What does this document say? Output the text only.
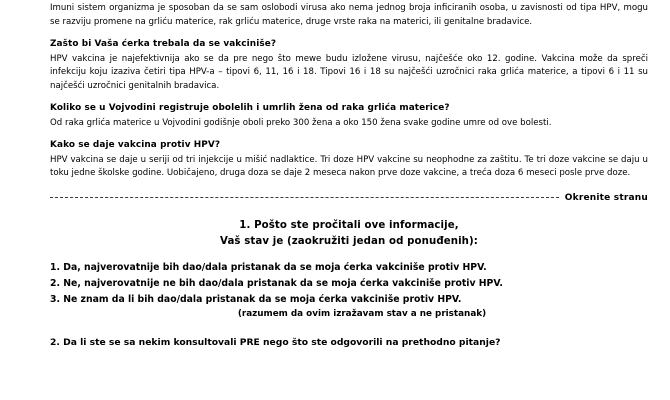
Imuni sistem organizma je sposoban da se sam oslobodi virusa ako nema jednog broja inficiranih osoba, u zavisnosti od tipa HPV, mogu se razviju promene na grliću materice, rak grliću materice, druge vrste raka na materici, ili genitalne bradavice.

Zašto bi Vaša ćerka trebala da se vakciniše?

HPV vakcina je najefektivnija ako se da pre nego što mewe budu izložene virusu, najčešće oko 12. godine. Vakcina može da spreči infekciju koju izaziva četiri tipa HPV-a – tipovi 6, 11, 16 i 18. Tipovi 16 i 18 su najčešći uzročnici raka grlića materice, a tipovi 6 i 11 su najčešći uzročnici genitalnih bradavica.

Koliko se u Vojvodini registruje obolelih i umrlih žena od raka grlića materice?

Od raka grlića materice u Vojvodini godišnje oboli preko 300 žena a oko 150 žena svake godine umre od ove bolesti.

Kako se daje vakcina protiv HPV?

HPV vakcina se daje u seriji od tri injekcije u mišić nadlaktice. Tri doze HPV vakcine su neophodne za zaštitu. Te tri doze vakcine se daju u toku jedne školske godine. Uobičajeno, druga doza se daje 2 meseca nakon prve doze vakcine, a treća doza 6 meseci posle prve doze.

Okrenite stranu
1. Pošto ste pročitali ove informacije,
Vaš stav je (zaokružiti jedan od ponuđenih):
1. Da, najverovatnije bih dao/dala pristanak da se moja ćerka vakciniše protiv HPV.
2. Ne, najverovatnije ne bih dao/dala pristanak da se moja ćerka vakciniše protiv HPV.
3. Ne znam da li bih dao/dala pristanak da se moja ćerka vakciniše protiv HPV.
(razumem da ovim izražavam stav a ne pristanak)
2. Da li ste se sa nekim konsultovali PRE nego što ste odgovorili na prethodno pitanje?
